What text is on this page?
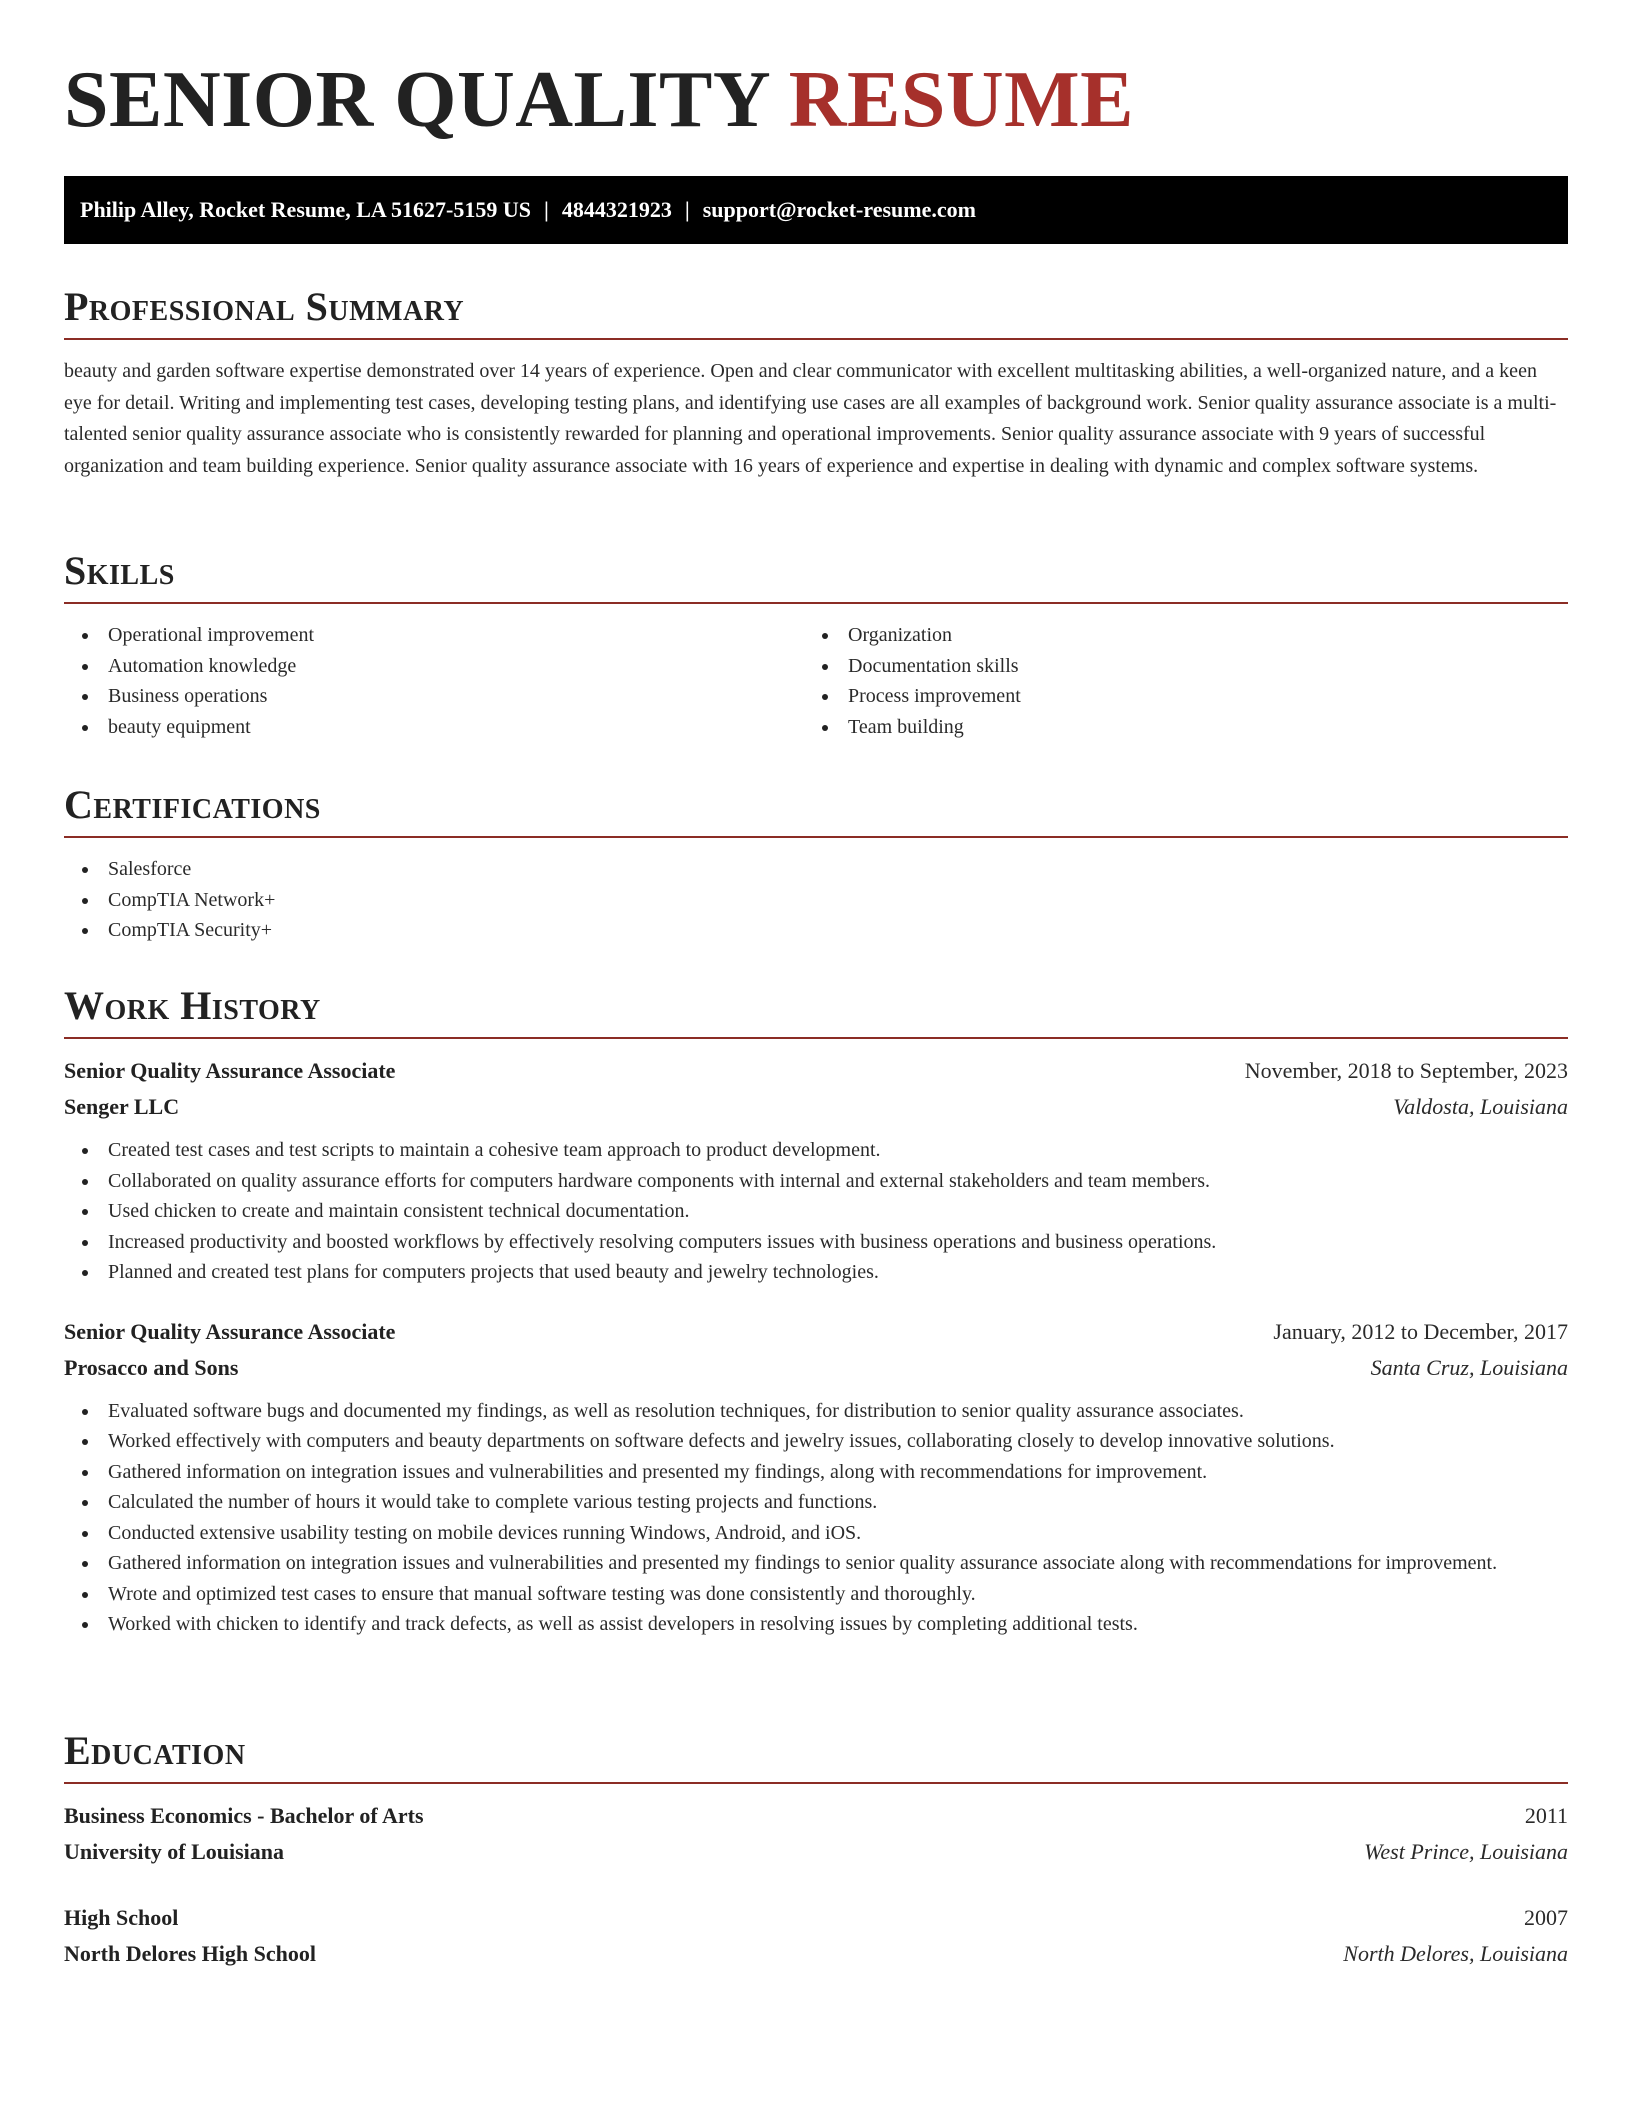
SENIOR QUALITY RESUME
Philip Alley, Rocket Resume, LA 51627-5159 US | 4844321923 | support@rocket-resume.com
Professional Summary

beauty and garden software expertise demonstrated over 14 years of experience. Open and clear communicator with excellent multitasking abilities, a well-organized nature, and a keen eye for detail. Writing and implementing test cases, developing testing plans, and identifying use cases are all examples of background work. Senior quality assurance associate is a multi-talented senior quality assurance associate who is consistently rewarded for planning and operational improvements. Senior quality assurance associate with 9 years of successful organization and team building experience. Senior quality assurance associate with 16 years of experience and expertise in dealing with dynamic and complex software systems.

Skills
Operational improvement
Automation knowledge
Business operations
beauty equipment
Organization
Documentation skills
Process improvement
Team building
Certifications
Salesforce
CompTIA Network+
CompTIA Security+
Work History
Senior Quality Assurance Associate	November, 2018 to September, 2023
Senger LLC	Valdosta, Louisiana
Created test cases and test scripts to maintain a cohesive team approach to product development.
Collaborated on quality assurance efforts for computers hardware components with internal and external stakeholders and team members.
Used chicken to create and maintain consistent technical documentation.
Increased productivity and boosted workflows by effectively resolving computers issues with business operations and business operations.
Planned and created test plans for computers projects that used beauty and jewelry technologies.
Senior Quality Assurance Associate	January, 2012 to December, 2017
Prosacco and Sons	Santa Cruz, Louisiana
Evaluated software bugs and documented my findings, as well as resolution techniques, for distribution to senior quality assurance associates.
Worked effectively with computers and beauty departments on software defects and jewelry issues, collaborating closely to develop innovative solutions.
Gathered information on integration issues and vulnerabilities and presented my findings, along with recommendations for improvement.
Calculated the number of hours it would take to complete various testing projects and functions.
Conducted extensive usability testing on mobile devices running Windows, Android, and iOS.
Gathered information on integration issues and vulnerabilities and presented my findings to senior quality assurance associate along with recommendations for improvement.
Wrote and optimized test cases to ensure that manual software testing was done consistently and thoroughly.
Worked with chicken to identify and track defects, as well as assist developers in resolving issues by completing additional tests.
Education
Business Economics - Bachelor of Arts	2011
University of Louisiana	West Prince, Louisiana
High School	2007
North Delores High School	North Delores, Louisiana
